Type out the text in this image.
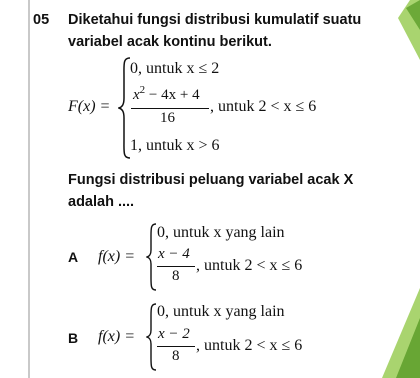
05 Diketahui fungsi distribusi kumulatif suatu
variabel acak kontinu berikut.
F(x) =
0, untuk x ≤ 2
$x^2 - 4x + 4$
16
, untuk 2 < x ≤ 6
1, untuk x > 6
Fungsi distribusi peluang variabel acak X
adalah ....
A f(x) =
0, untuk x yang lain
x − 4
8
, untuk 2 < x ≤ 6
B f(x) =
0, untuk x yang lain
x − 2
8
, untuk 2 < x ≤ 6
